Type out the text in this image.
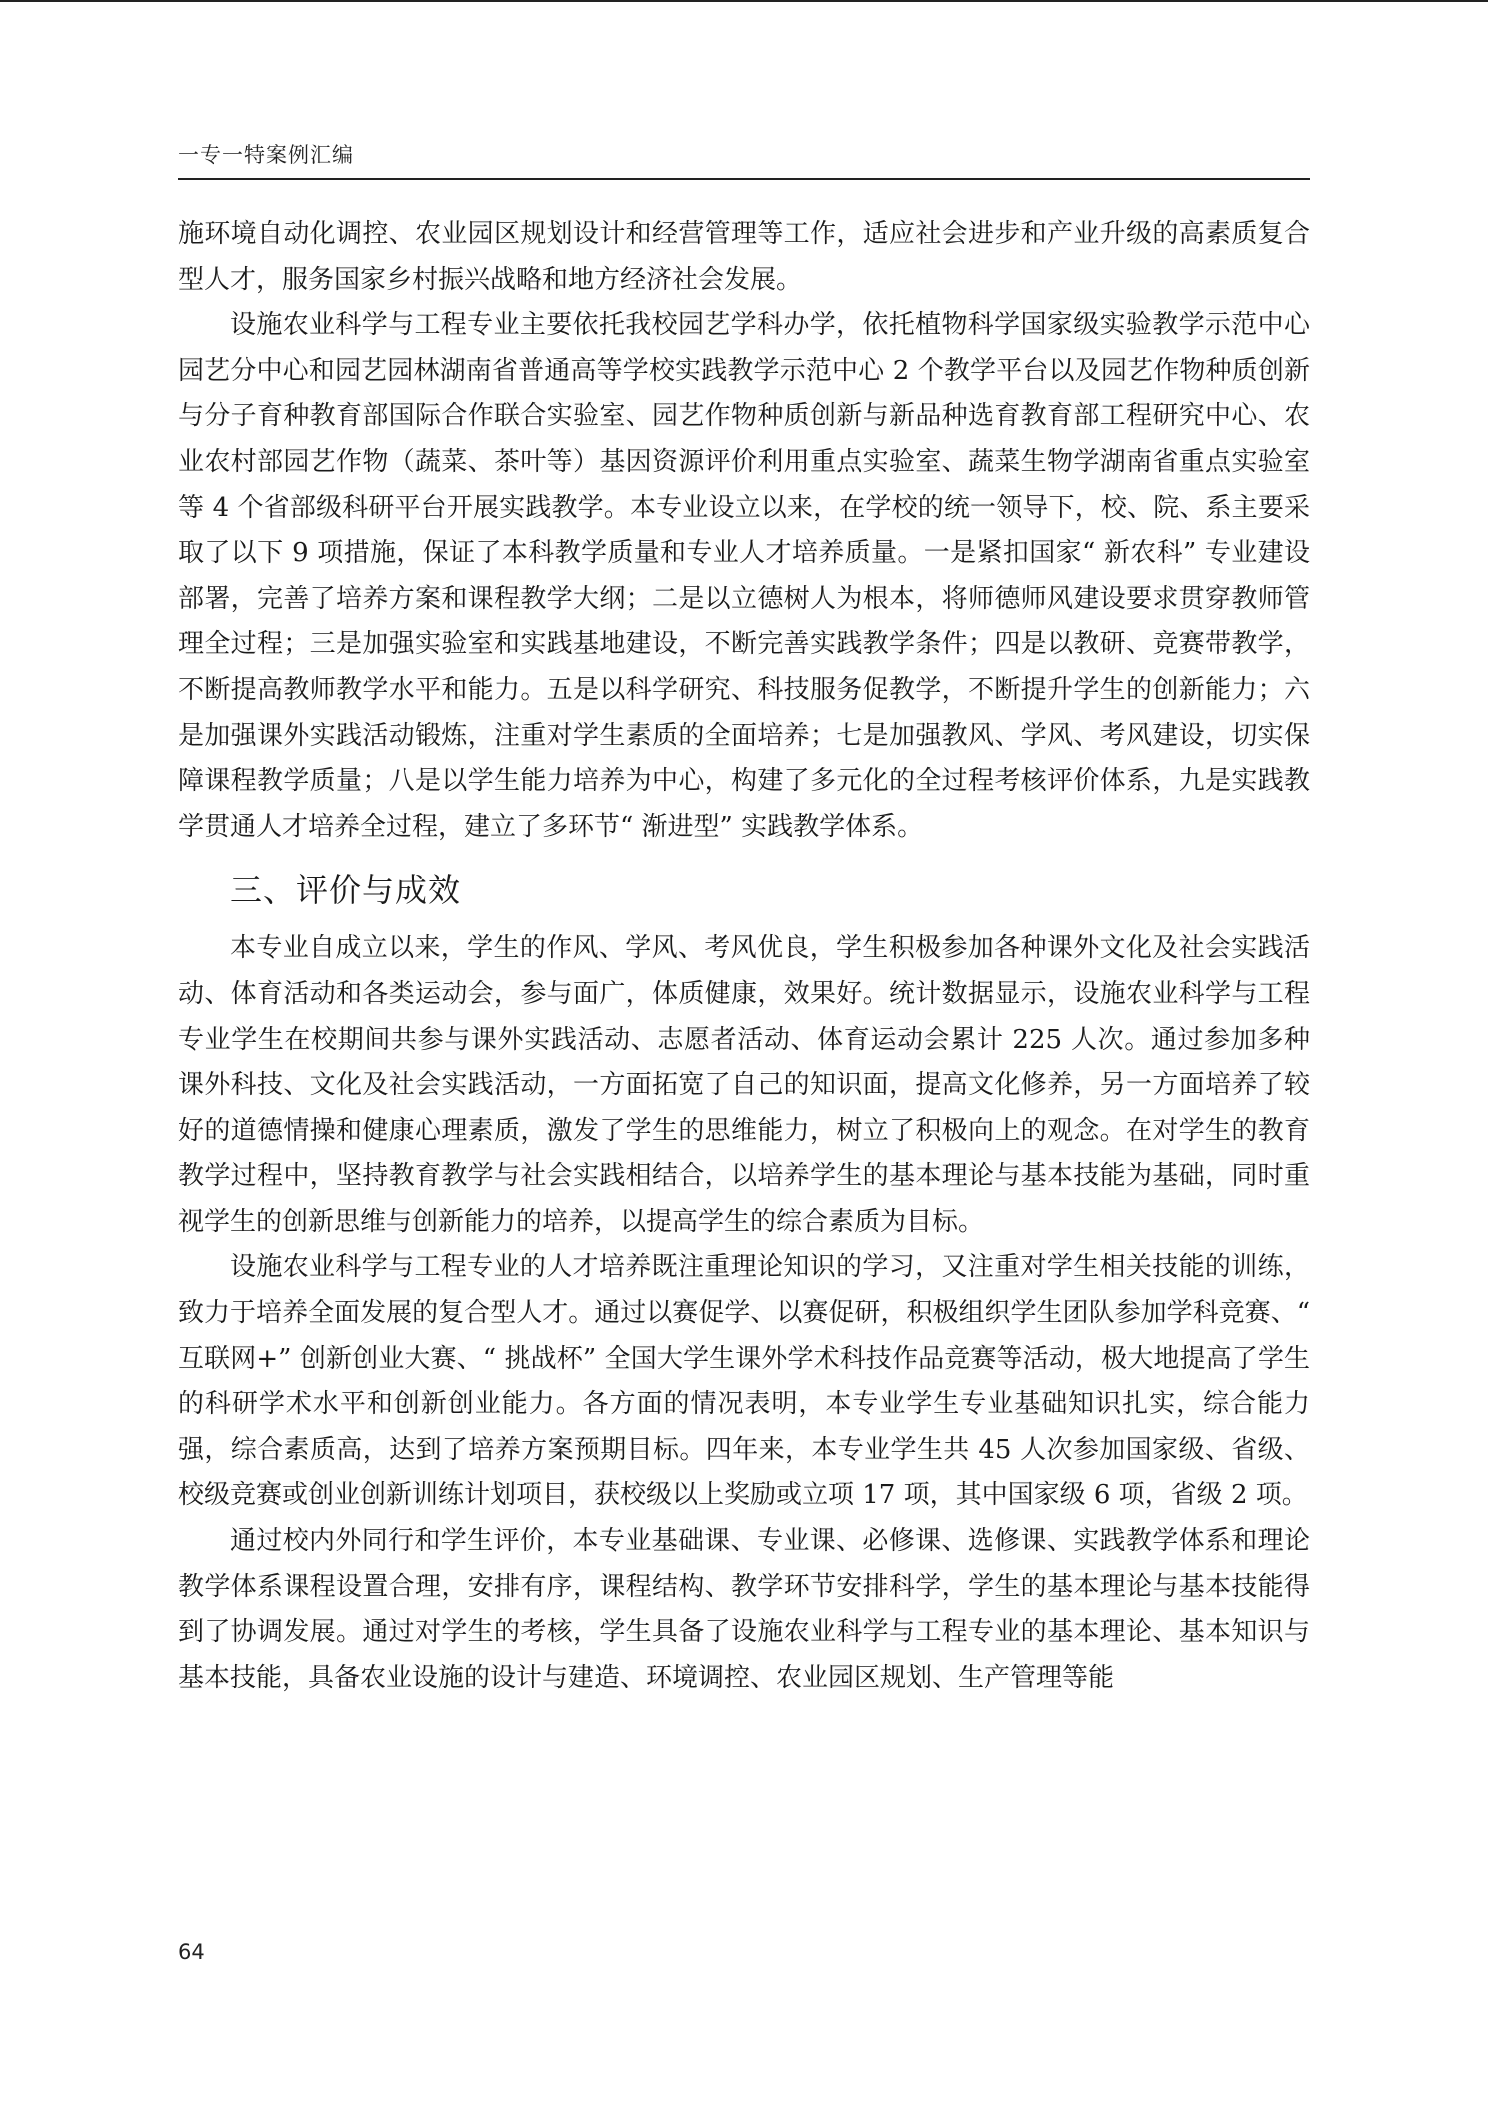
一专一特案例汇编

施环境自动化调控、农业园区规划设计和经营管理等工作，适应社会进步和产业升级的高素质复合型人才，服务国家乡村振兴战略和地方经济社会发展。

设施农业科学与工程专业主要依托我校园艺学科办学，依托植物科学国家级实验教学示范中心园艺分中心和园艺园林湖南省普通高等学校实践教学示范中心 2 个教学平台以及园艺作物种质创新与分子育种教育部国际合作联合实验室、园艺作物种质创新与新品种选育教育部工程研究中心、农业农村部园艺作物（蔬菜、茶叶等）基因资源评价利用重点实验室、蔬菜生物学湖南省重点实验室等 4 个省部级科研平台开展实践教学。本专业设立以来，在学校的统一领导下，校、院、系主要采取了以下 9 项措施，保证了本科教学质量和专业人才培养质量。一是紧扣国家“ 新农科” 专业建设部署，完善了培养方案和课程教学大纲；二是以立德树人为根本，将师德师风建设要求贯穿教师管理全过程；三是加强实验室和实践基地建设，不断完善实践教学条件；四是以教研、竞赛带教学，不断提高教师教学水平和能力。五是以科学研究、科技服务促教学，不断提升学生的创新能力；六是加强课外实践活动锻炼，注重对学生素质的全面培养；七是加强教风、学风、考风建设，切实保障课程教学质量；八是以学生能力培养为中心，构建了多元化的全过程考核评价体系，九是实践教学贯通人才培养全过程，建立了多环节“ 渐进型” 实践教学体系。

三、评价与成效

本专业自成立以来，学生的作风、学风、考风优良，学生积极参加各种课外文化及社会实践活动、体育活动和各类运动会，参与面广，体质健康，效果好。统计数据显示，设施农业科学与工程专业学生在校期间共参与课外实践活动、志愿者活动、体育运动会累计 225 人次。通过参加多种课外科技、文化及社会实践活动，一方面拓宽了自己的知识面，提高文化修养，另一方面培养了较好的道德情操和健康心理素质，激发了学生的思维能力，树立了积极向上的观念。在对学生的教育教学过程中，坚持教育教学与社会实践相结合，以培养学生的基本理论与基本技能为基础，同时重视学生的创新思维与创新能力的培养，以提高学生的综合素质为目标。

设施农业科学与工程专业的人才培养既注重理论知识的学习，又注重对学生相关技能的训练，致力于培养全面发展的复合型人才。通过以赛促学、以赛促研，积极组织学生团队参加学科竞赛、“ 互联网+” 创新创业大赛、“ 挑战杯” 全国大学生课外学术科技作品竞赛等活动，极大地提高了学生的科研学术水平和创新创业能力。各方面的情况表明，本专业学生专业基础知识扎实，综合能力强，综合素质高，达到了培养方案预期目标。四年来，本专业学生共 45 人次参加国家级、省级、校级竞赛或创业创新训练计划项目，获校级以上奖励或立项 17 项，其中国家级 6 项，省级 2 项。

通过校内外同行和学生评价，本专业基础课、专业课、必修课、选修课、实践教学体系和理论教学体系课程设置合理，安排有序，课程结构、教学环节安排科学，学生的基本理论与基本技能得到了协调发展。通过对学生的考核，学生具备了设施农业科学与工程专业的基本理论、基本知识与基本技能，具备农业设施的设计与建造、环境调控、农业园区规划、生产管理等能

64
